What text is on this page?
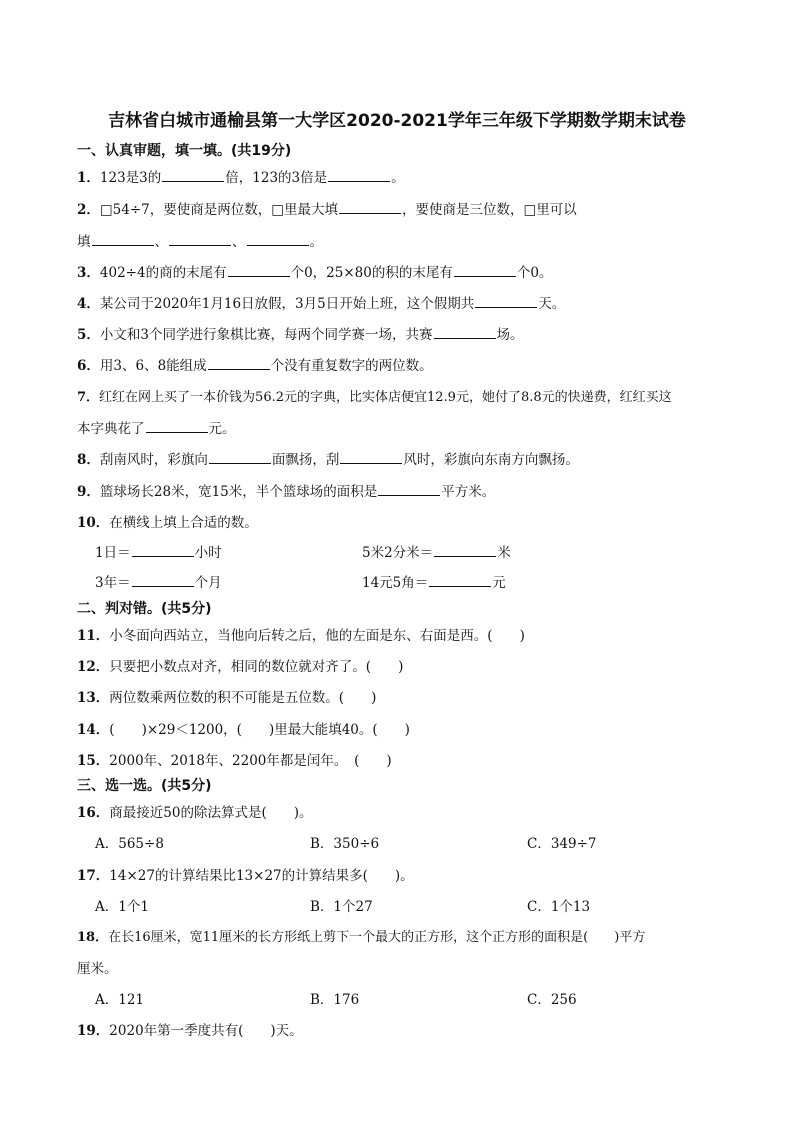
吉林省白城市通榆县第一大学区2020-2021学年三年级下学期数学期末试卷
一、认真审题，填一填。(共19分)
1．123是3的	倍，123的3倍是	。
2．□54÷7，要使商是两位数，□里最大填	，要使商是三位数，□里可以
填	、	、	。
3．402÷4的商的末尾有	个0，25×80的积的末尾有	个0。
4．某公司于2020年1月16日放假，3月5日开始上班，这个假期共	天。
5．小文和3个同学进行象棋比赛，每两个同学赛一场，共赛	场。
6．用3、6、8能组成	个没有重复数字的两位数。
7．红红在网上买了一本价钱为56.2元的字典，比实体店便宜12.9元，她付了8.8元的快递费，红红买这
本字典花了	元。
8．刮南风时，彩旗向	面飘扬，刮	风时，彩旗向东南方向飘扬。
9．篮球场长28米，宽15米，半个篮球场的面积是	平方米。
10．在横线上填上合适的数。
1日＝	小时	5米2分米＝	米
3年＝	个月	14元5角＝	元
二、判对错。(共5分)
11．小冬面向西站立，当他向后转之后，他的左面是东、右面是西。(　　)
12．只要把小数点对齐，相同的数位就对齐了。(　　)
13．两位数乘两位数的积不可能是五位数。(　　)
14．(　　)×29＜1200，(　　)里最大能填40。(　　)
15．2000年、2018年、2200年都是闰年。　(　　)
三、选一选。(共5分)
16．商最接近50的除法算式是(　　)。
A．565÷8	B．350÷6	C．349÷7
17．14×27的计算结果比13×27的计算结果多(　　)。
A．1个1	B．1个27	C．1个13
18．在长16厘米，宽11厘米的长方形纸上剪下一个最大的正方形，这个正方形的面积是(　　)平方
厘米。
A．121	B．176	C．256
19．2020年第一季度共有(　　)天。
